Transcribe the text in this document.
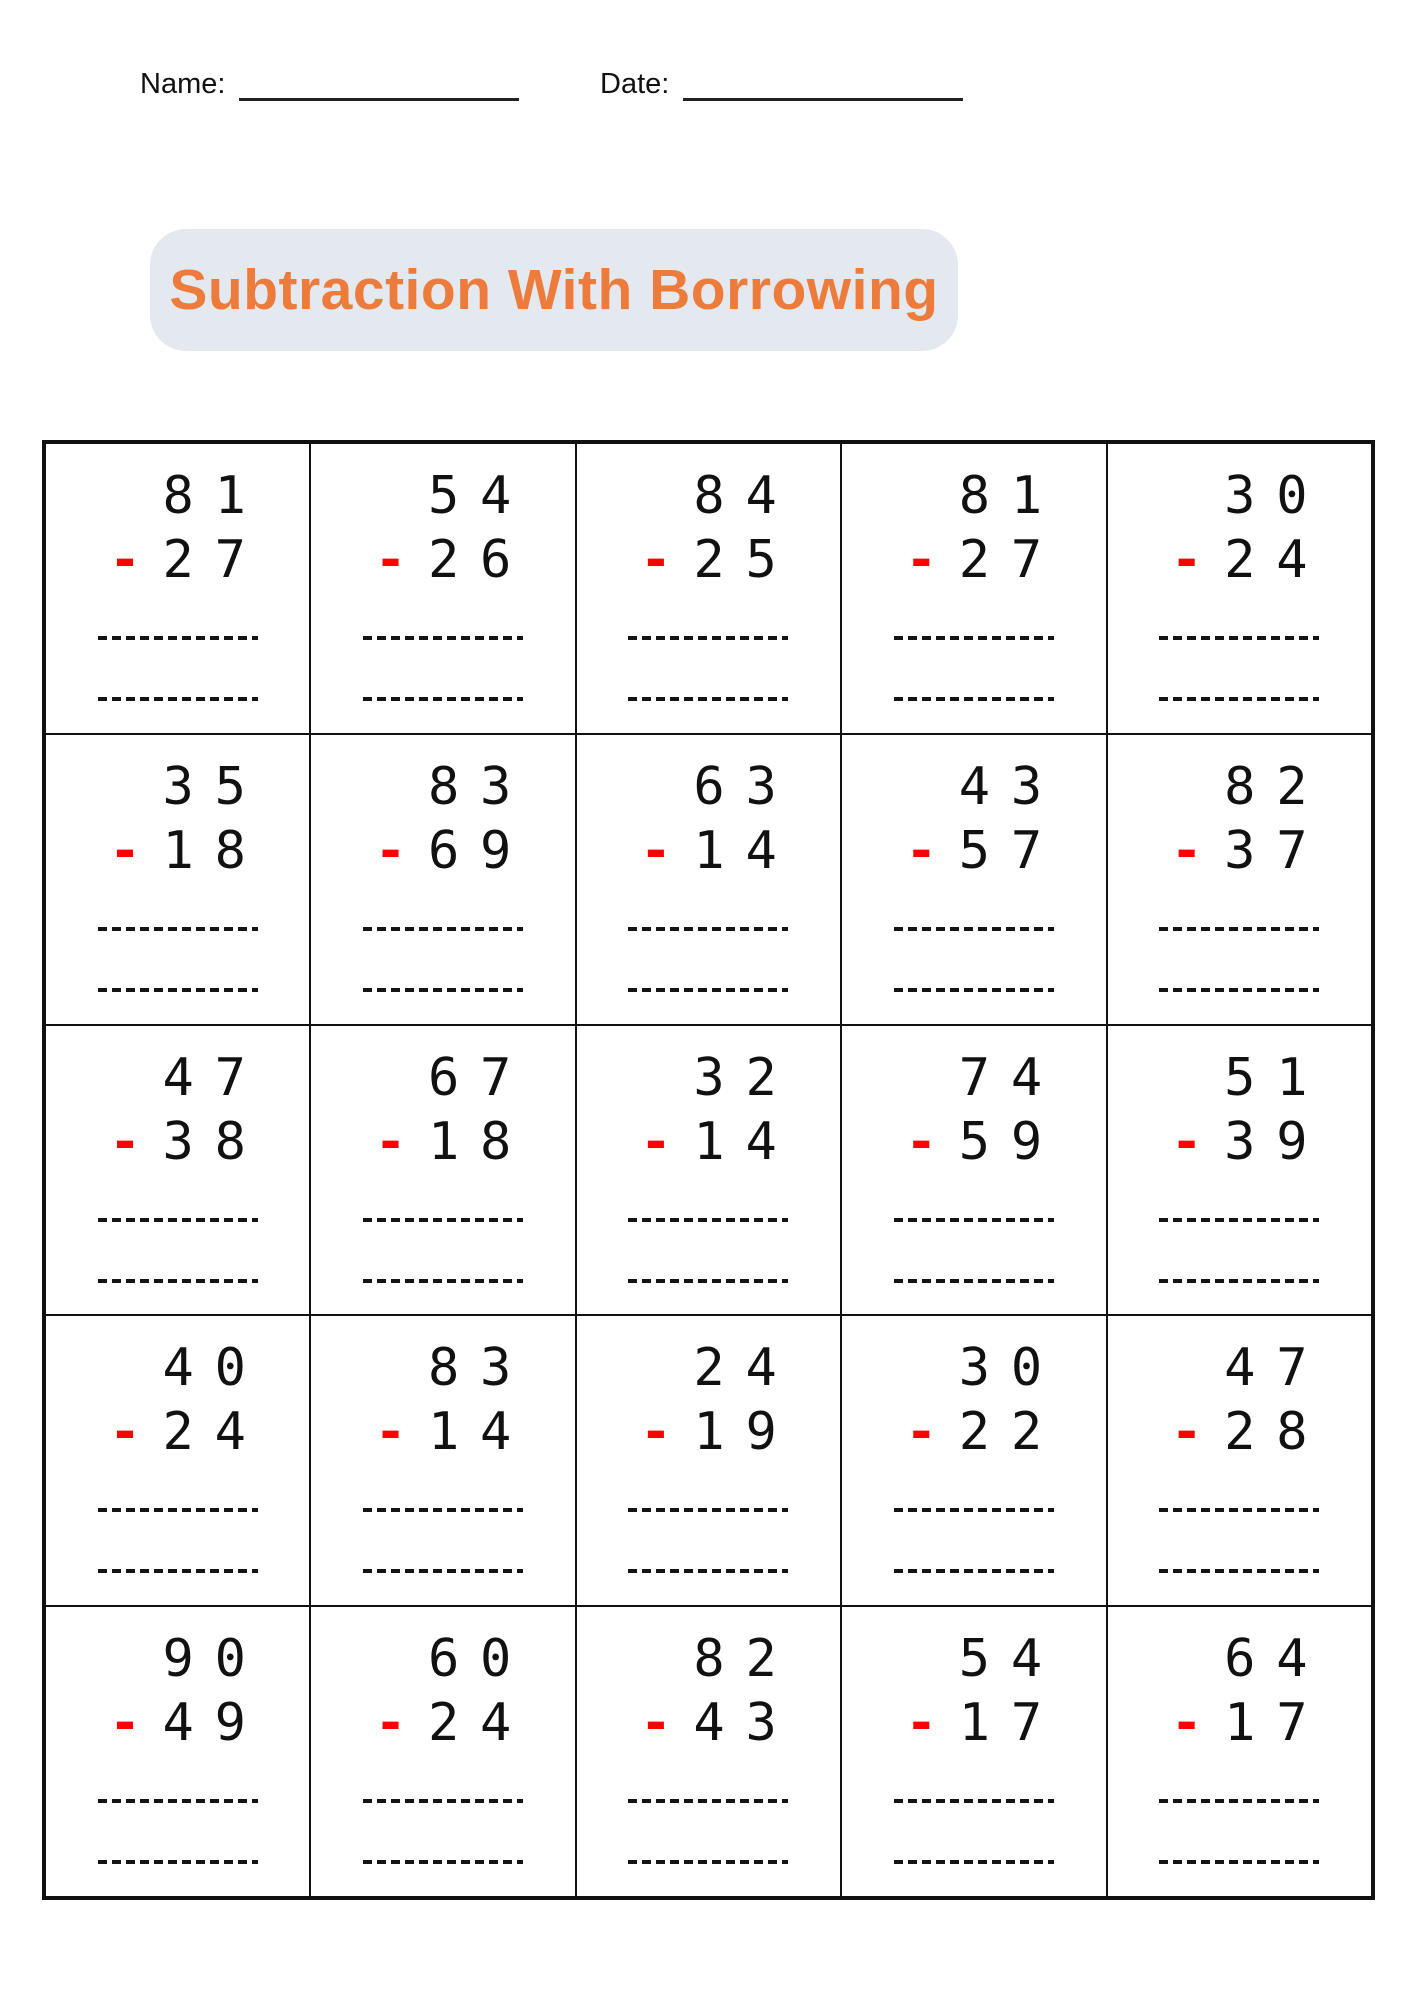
Name:	Date:
Subtraction With Borrowing
81
- 27
54
- 26
84
- 25
81
- 27
30
- 24
35
- 18
83
- 69
63
- 14
43
- 57
82
- 37
47
- 38
67
- 18
32
- 14
74
- 59
51
- 39
40
- 24
83
- 14
24
- 19
30
- 22
47
- 28
90
- 49
60
- 24
82
- 43
54
- 17
64
- 17
